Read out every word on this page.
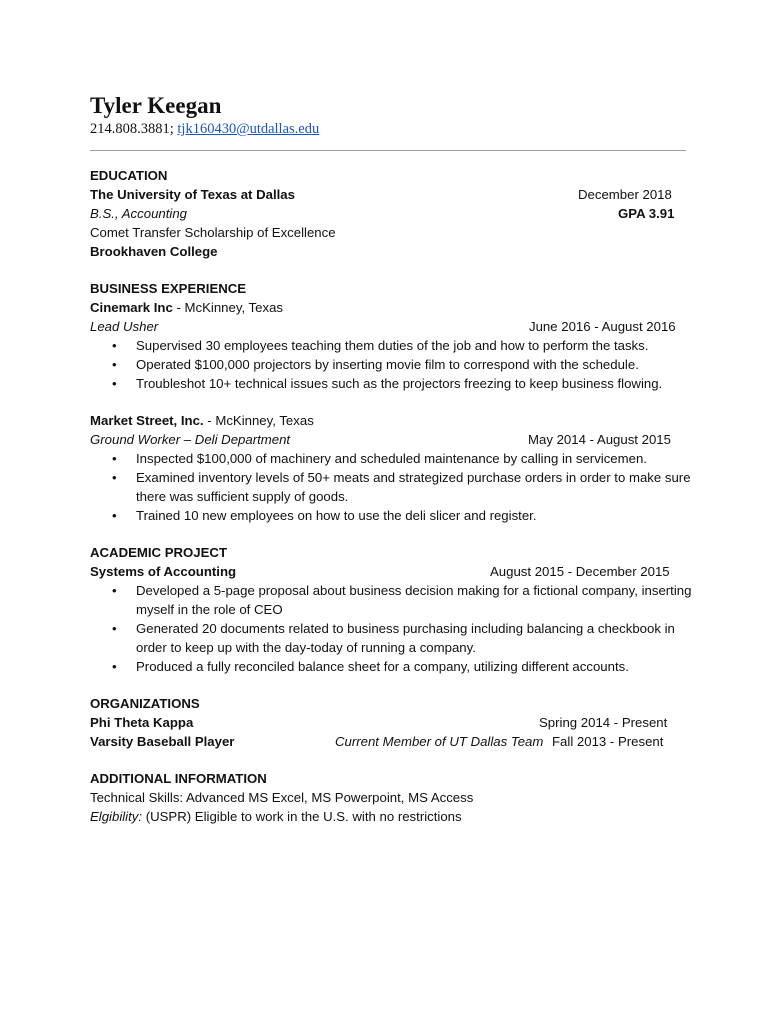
Tyler Keegan
214.808.3881; tjk160430@utdallas.edu
EDUCATION
The University of Texas at Dallas	December 2018
B.S., Accounting	GPA 3.91
Comet Transfer Scholarship of Excellence
Brookhaven College
BUSINESS EXPERIENCE
Cinemark Inc - McKinney, Texas
Lead Usher	June 2016 - August 2016
• Supervised 30 employees teaching them duties of the job and how to perform the tasks.
• Operated $100,000 projectors by inserting movie film to correspond with the schedule.
• Troubleshot 10+ technical issues such as the projectors freezing to keep business flowing.
Market Street, Inc. - McKinney, Texas
Ground Worker – Deli Department	May 2014 - August 2015
• Inspected $100,000 of machinery and scheduled maintenance by calling in servicemen.
• Examined inventory levels of 50+ meats and strategized purchase orders in order to make sure there was sufficient supply of goods.
• Trained 10 new employees on how to use the deli slicer and register.
ACADEMIC PROJECT
Systems of Accounting	August 2015 - December 2015
• Developed a 5-page proposal about business decision making for a fictional company, inserting myself in the role of CEO
• Generated 20 documents related to business purchasing including balancing a checkbook in order to keep up with the day-today of running a company.
• Produced a fully reconciled balance sheet for a company, utilizing different accounts.
ORGANIZATIONS
Phi Theta Kappa	Spring 2014 - Present
Varsity Baseball Player	Current Member of UT Dallas Team Fall 2013 - Present
ADDITIONAL INFORMATION
Technical Skills: Advanced MS Excel, MS Powerpoint, MS Access
Elgibility: (USPR) Eligible to work in the U.S. with no restrictions
